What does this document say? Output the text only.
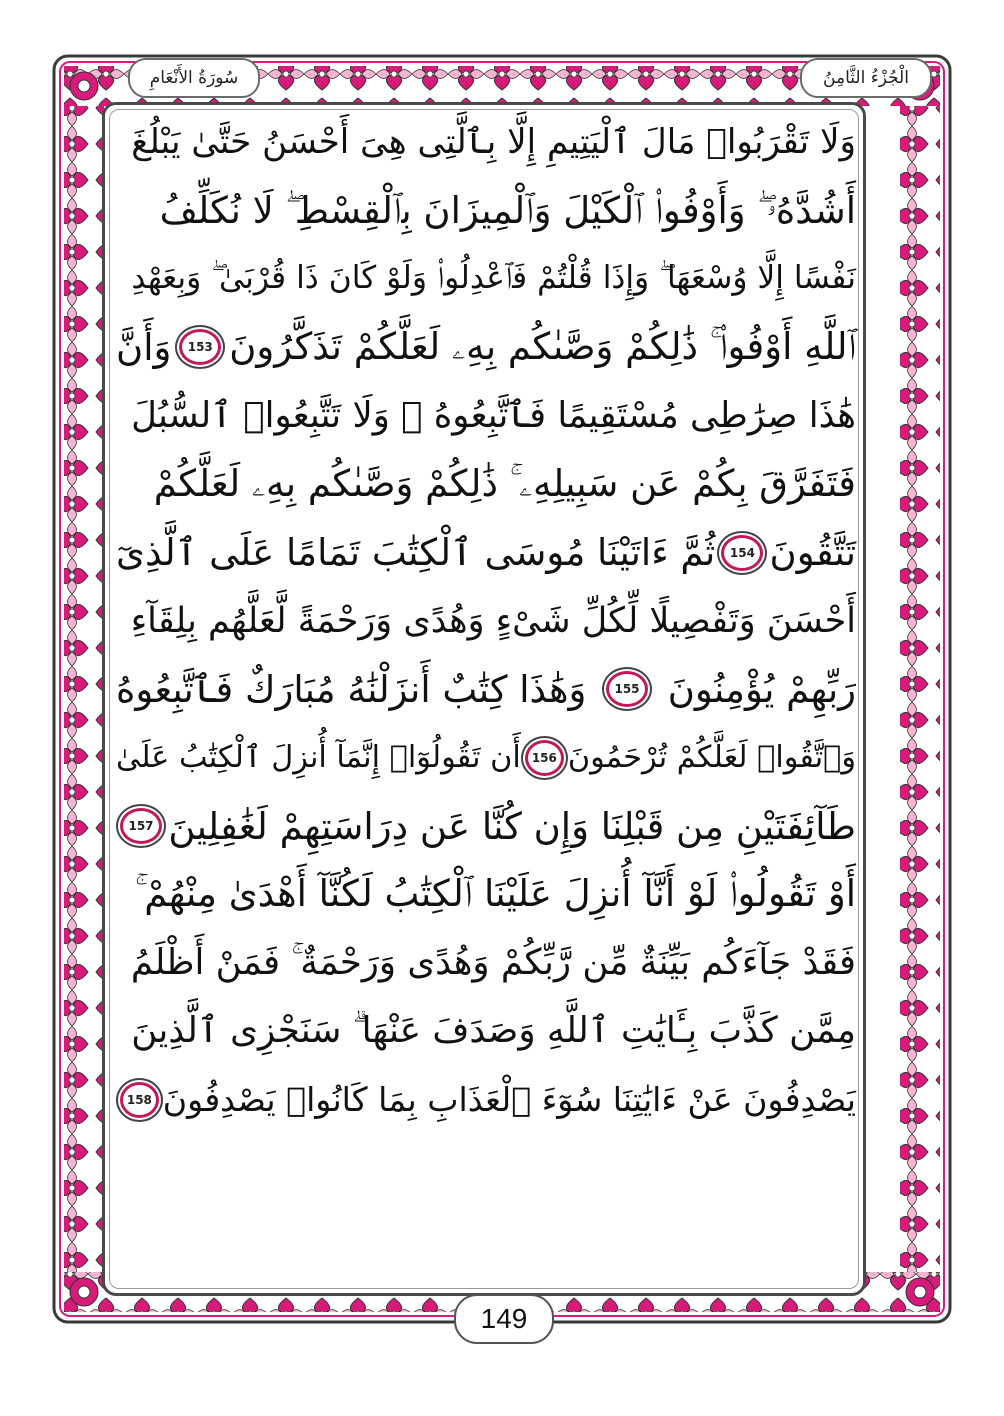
الْجُزْءُ الثَّامِنُ
سُورَةُ الأَنْعَامِ
وَلَا تَقْرَبُوا۟ مَالَ ٱلْيَتِيمِ إِلَّا بِٱلَّتِى هِىَ أَحْسَنُ حَتَّىٰ يَبْلُغَ
أَشُدَّهُۥ ۖ وَأَوْفُوا۟ ٱلْكَيْلَ وَٱلْمِيزَانَ بِٱلْقِسْطِ ۖ لَا نُكَلِّفُ
نَفْسًا إِلَّا وُسْعَهَا ۖ وَإِذَا قُلْتُمْ فَٱعْدِلُوا۟ وَلَوْ كَانَ ذَا قُرْبَىٰ ۖ وَبِعَهْدِ
ٱللَّهِ أَوْفُوا۟ ۚ ذَٰلِكُمْ وَصَّىٰكُم بِهِۦ لَعَلَّكُمْ تَذَكَّرُونَ
153
وَأَنَّ
هَٰذَا صِرَٰطِى مُسْتَقِيمًا فَٱتَّبِعُوهُ ۖ وَلَا تَتَّبِعُوا۟ ٱلسُّبُلَ
فَتَفَرَّقَ بِكُمْ عَن سَبِيلِهِۦ ۚ ذَٰلِكُمْ وَصَّىٰكُم بِهِۦ لَعَلَّكُمْ
تَتَّقُونَ
154
ثُمَّ ءَاتَيْنَا مُوسَى ٱلْكِتَٰبَ تَمَامًا عَلَى ٱلَّذِىٓ
أَحْسَنَ وَتَفْصِيلًا لِّكُلِّ شَىْءٍ وَهُدًى وَرَحْمَةً لَّعَلَّهُم بِلِقَآءِ
رَبِّهِمْ يُؤْمِنُونَ
155
وَهَٰذَا كِتَٰبٌ أَنزَلْنَٰهُ مُبَارَكٌ فَٱتَّبِعُوهُ
وَٱتَّقُوا۟ لَعَلَّكُمْ تُرْحَمُونَ
156
أَن تَقُولُوٓا۟ إِنَّمَآ أُنزِلَ ٱلْكِتَٰبُ عَلَىٰ
طَآئِفَتَيْنِ مِن قَبْلِنَا وَإِن كُنَّا عَن دِرَاسَتِهِمْ لَغَٰفِلِينَ
157
أَوْ تَقُولُوا۟ لَوْ أَنَّآ أُنزِلَ عَلَيْنَا ٱلْكِتَٰبُ لَكُنَّآ أَهْدَىٰ مِنْهُمْ ۚ
فَقَدْ جَآءَكُم بَيِّنَةٌ مِّن رَّبِّكُمْ وَهُدًى وَرَحْمَةٌ ۚ فَمَنْ أَظْلَمُ
مِمَّن كَذَّبَ بِـَٔايَٰتِ ٱللَّهِ وَصَدَفَ عَنْهَا ۗ سَنَجْزِى ٱلَّذِينَ
يَصْدِفُونَ عَنْ ءَايَٰتِنَا سُوٓءَ ٱلْعَذَابِ بِمَا كَانُوا۟ يَصْدِفُونَ
158
149
